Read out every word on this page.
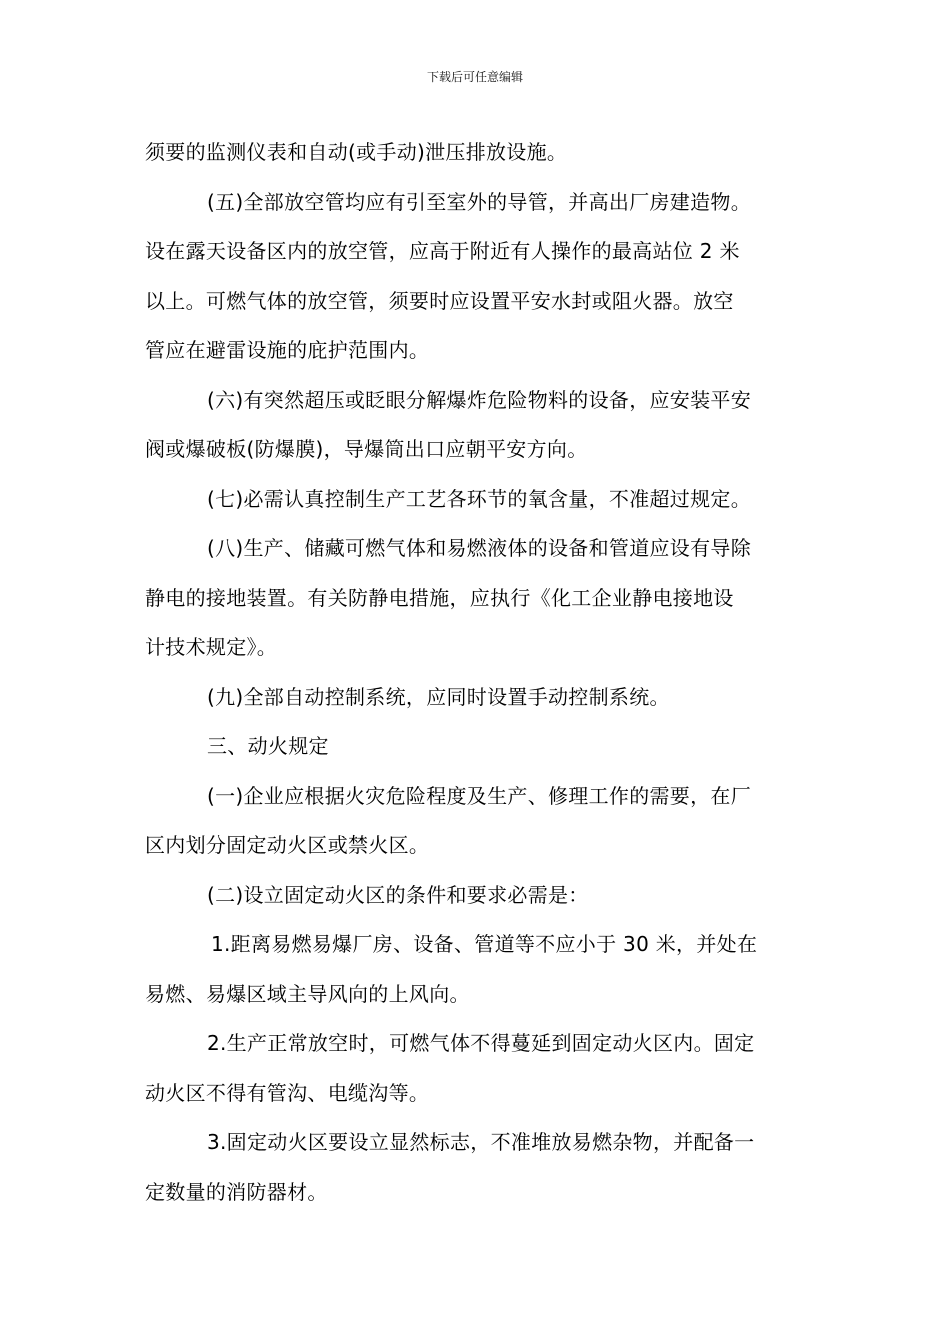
下载后可任意编辑

须要的监测仪表和自动(或手动)泄压排放设施。

(五)全部放空管均应有引至室外的导管，并高出厂房建造物。

设在露天设备区内的放空管，应高于附近有人操作的最高站位 2 米

以上。可燃气体的放空管，须要时应设置平安水封或阻火器。放空

管应在避雷设施的庇护范围内。

(六)有突然超压或眨眼分解爆炸危险物料的设备，应安装平安

阀或爆破板(防爆膜)，导爆筒出口应朝平安方向。

(七)必需认真控制生产工艺各环节的氧含量，不准超过规定。

(八)生产、储藏可燃气体和易燃液体的设备和管道应设有导除

静电的接地装置。有关防静电措施，应执行《化工企业静电接地设

计技术规定》。

(九)全部自动控制系统，应同时设置手动控制系统。

三、动火规定

(一)企业应根据火灾危险程度及生产、修理工作的需要，在厂

区内划分固定动火区或禁火区。

(二)设立固定动火区的条件和要求必需是：

1.距离易燃易爆厂房、设备、管道等不应小于 30 米，并处在

易燃、易爆区域主导风向的上风向。

2.生产正常放空时，可燃气体不得蔓延到固定动火区内。固定

动火区不得有管沟、电缆沟等。

3.固定动火区要设立显然标志，不准堆放易燃杂物，并配备一

定数量的消防器材。
